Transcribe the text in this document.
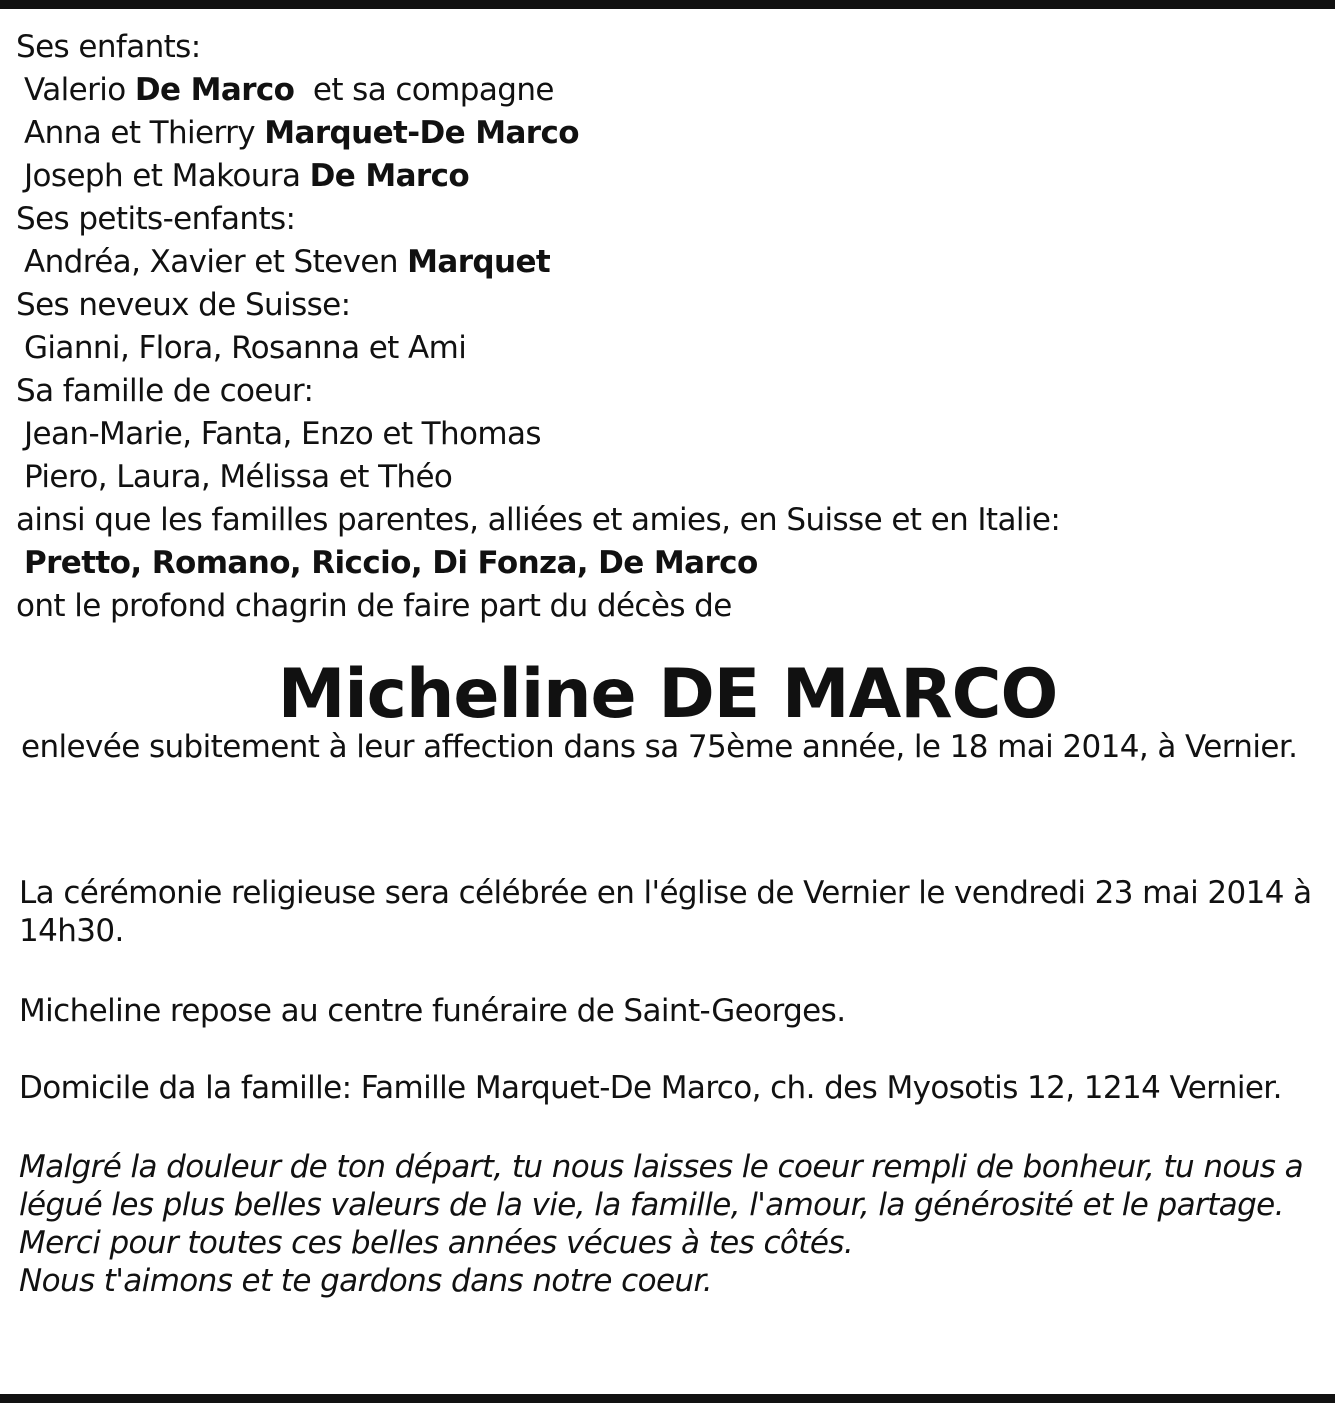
Ses enfants:
Valerio De Marco et sa compagne
Anna et Thierry Marquet-De Marco
Joseph et Makoura De Marco
Ses petits-enfants:
Andréa, Xavier et Steven Marquet
Ses neveux de Suisse:
Gianni, Flora, Rosanna et Ami
Sa famille de coeur:
Jean-Marie, Fanta, Enzo et Thomas
Piero, Laura, Mélissa et Théo
ainsi que les familles parentes, alliées et amies, en Suisse et en Italie:
Pretto, Romano, Riccio, Di Fonza, De Marco
ont le profond chagrin de faire part du décès de
Micheline DE MARCO
enlevée subitement à leur affection dans sa 75ème année, le 18 mai 2014, à Vernier.
La cérémonie religieuse sera célébrée en l'église de Vernier le vendredi 23 mai 2014 à 14h30.
Micheline repose au centre funéraire de Saint-Georges.
Domicile da la famille: Famille Marquet-De Marco, ch. des Myosotis 12, 1214 Vernier.
Malgré la douleur de ton départ, tu nous laisses le coeur rempli de bonheur, tu nous a légué les plus belles valeurs de la vie, la famille, l'amour, la générosité et le partage.
Merci pour toutes ces belles années vécues à tes côtés.
Nous t'aimons et te gardons dans notre coeur.
